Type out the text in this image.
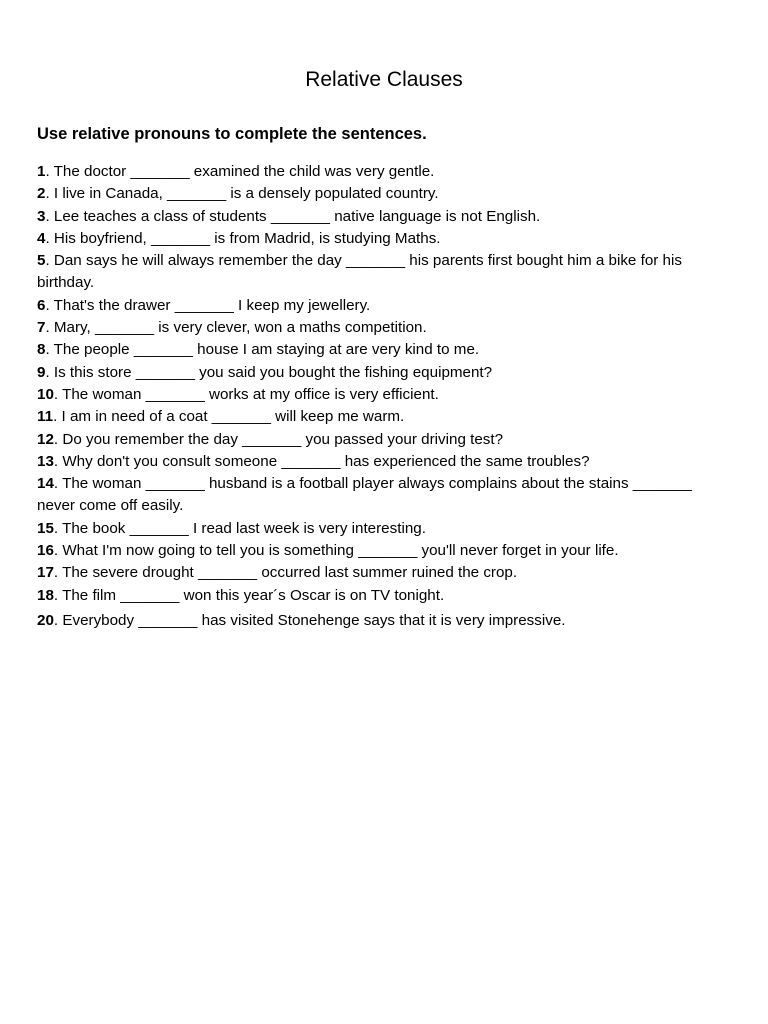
Relative Clauses

Use relative pronouns to complete the sentences.

1. The doctor _______ examined the child was very gentle.
2. I live in Canada, _______ is a densely populated country.
3. Lee teaches a class of students _______ native language is not English.
4. His boyfriend, _______ is from Madrid, is studying Maths.
5. Dan says he will always remember the day _______ his parents first bought him a bike for his birthday.
6. That's the drawer _______ I keep my jewellery.
7. Mary, _______ is very clever, won a maths competition.
8. The people _______ house I am staying at are very kind to me.
9. Is this store _______ you said you bought the fishing equipment?
10. The woman _______ works at my office is very efficient.
11. I am in need of a coat _______ will keep me warm.
12. Do you remember the day _______ you passed your driving test?
13. Why don't you consult someone _______ has experienced the same troubles?
14. The woman _______ husband is a football player always complains about the stains _______ never come off easily.
15. The book _______ I read last week is very interesting.
16. What I'm now going to tell you is something _______ you'll never forget in your life.
17. The severe drought _______ occurred last summer ruined the crop.
18. The film _______ won this year´s Oscar is on TV tonight.
20. Everybody _______ has visited Stonehenge says that it is very impressive.
